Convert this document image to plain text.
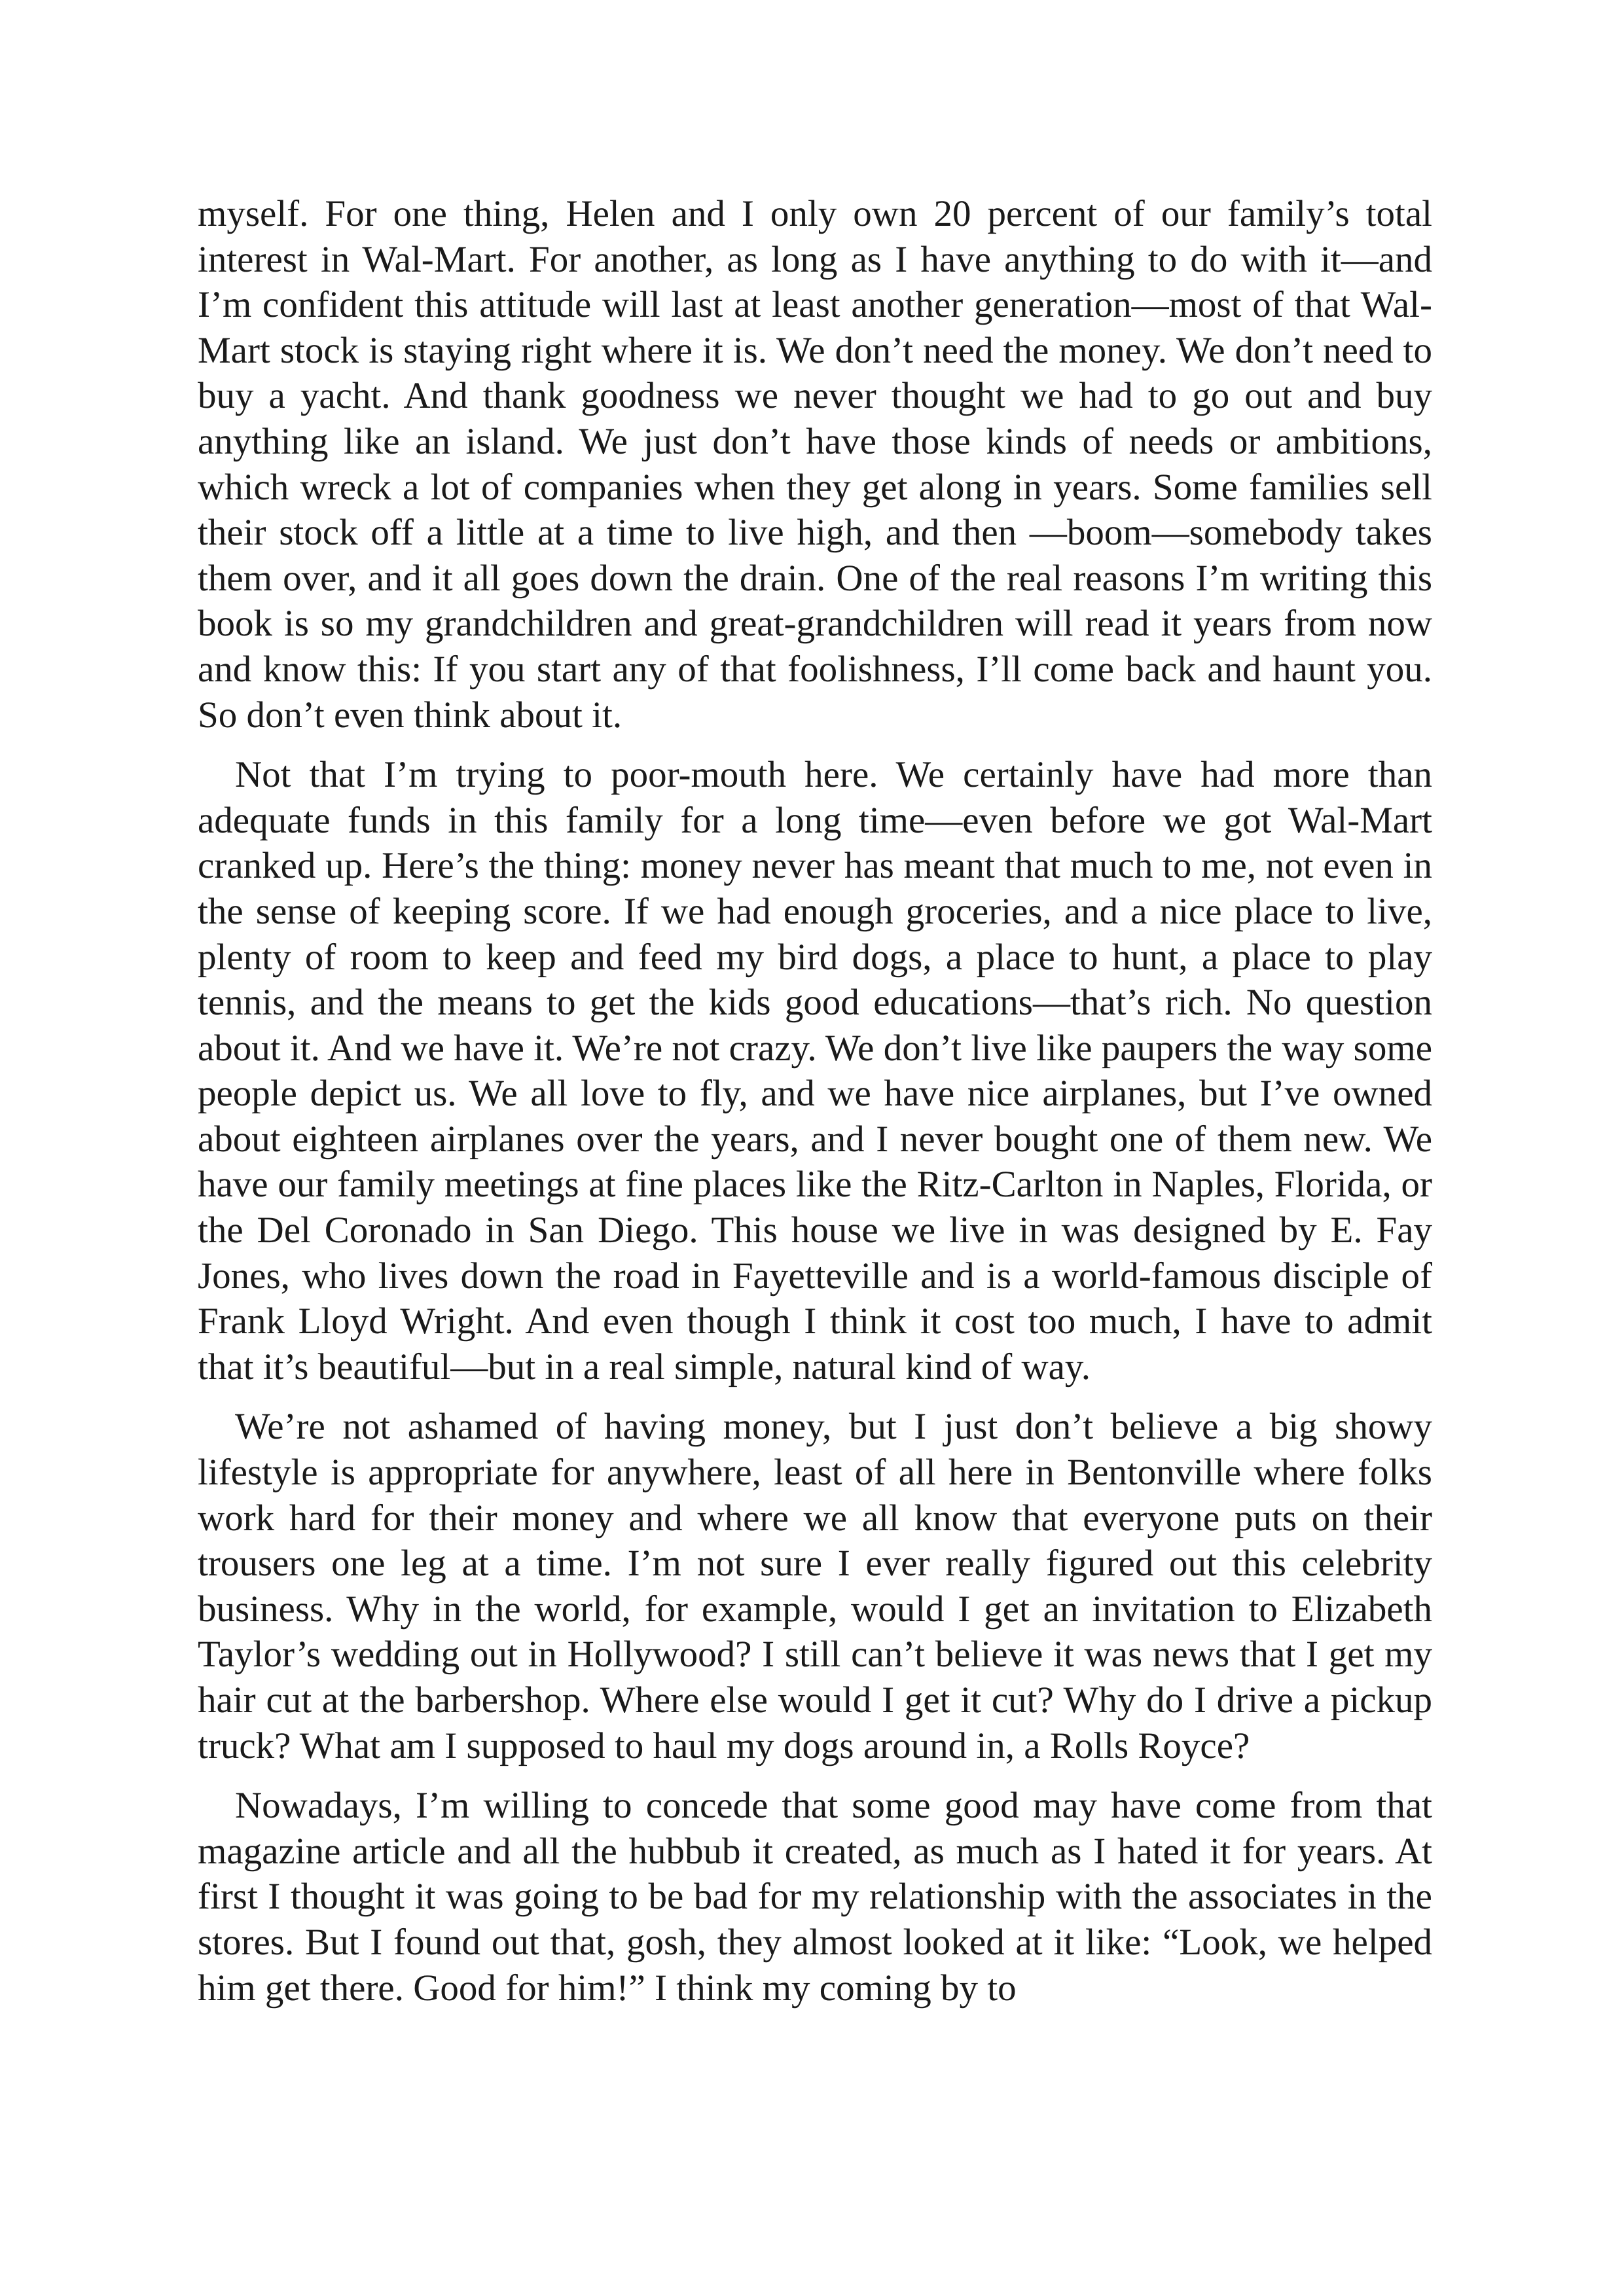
myself. For one thing, Helen and I only own 20 percent of our family’s total interest in Wal-Mart. For another, as long as I have anything to do with it—and I’m confident this attitude will last at least another generation—most of that Wal-Mart stock is staying right where it is. We don’t need the money. We don’t need to buy a yacht. And thank goodness we never thought we had to go out and buy anything like an island. We just don’t have those kinds of needs or ambitions, which wreck a lot of companies when they get along in years. Some families sell their stock off a little at a time to live high, and then —boom—somebody takes them over, and it all goes down the drain. One of the real reasons I’m writing this book is so my grandchildren and great-grandchildren will read it years from now and know this: If you start any of that foolishness, I’ll come back and haunt you. So don’t even think about it.

Not that I’m trying to poor-mouth here. We certainly have had more than adequate funds in this family for a long time—even before we got Wal-Mart cranked up. Here’s the thing: money never has meant that much to me, not even in the sense of keeping score. If we had enough groceries, and a nice place to live, plenty of room to keep and feed my bird dogs, a place to hunt, a place to play tennis, and the means to get the kids good educations—that’s rich. No question about it. And we have it. We’re not crazy. We don’t live like paupers the way some people depict us. We all love to fly, and we have nice airplanes, but I’ve owned about eighteen airplanes over the years, and I never bought one of them new. We have our family meetings at fine places like the Ritz-Carlton in Naples, Florida, or the Del Coronado in San Diego. This house we live in was designed by E. Fay Jones, who lives down the road in Fayetteville and is a world-famous disciple of Frank Lloyd Wright. And even though I think it cost too much, I have to admit that it’s beautiful—but in a real simple, natural kind of way.

We’re not ashamed of having money, but I just don’t believe a big showy lifestyle is appropriate for anywhere, least of all here in Bentonville where folks work hard for their money and where we all know that everyone puts on their trousers one leg at a time. I’m not sure I ever really figured out this celebrity business. Why in the world, for example, would I get an invitation to Elizabeth Taylor’s wedding out in Hollywood? I still can’t believe it was news that I get my hair cut at the barbershop. Where else would I get it cut? Why do I drive a pickup truck? What am I supposed to haul my dogs around in, a Rolls Royce?

Nowadays, I’m willing to concede that some good may have come from that magazine article and all the hubbub it created, as much as I hated it for years. At first I thought it was going to be bad for my relationship with the associates in the stores. But I found out that, gosh, they almost looked at it like: “Look, we helped him get there. Good for him!” I think my coming by to
